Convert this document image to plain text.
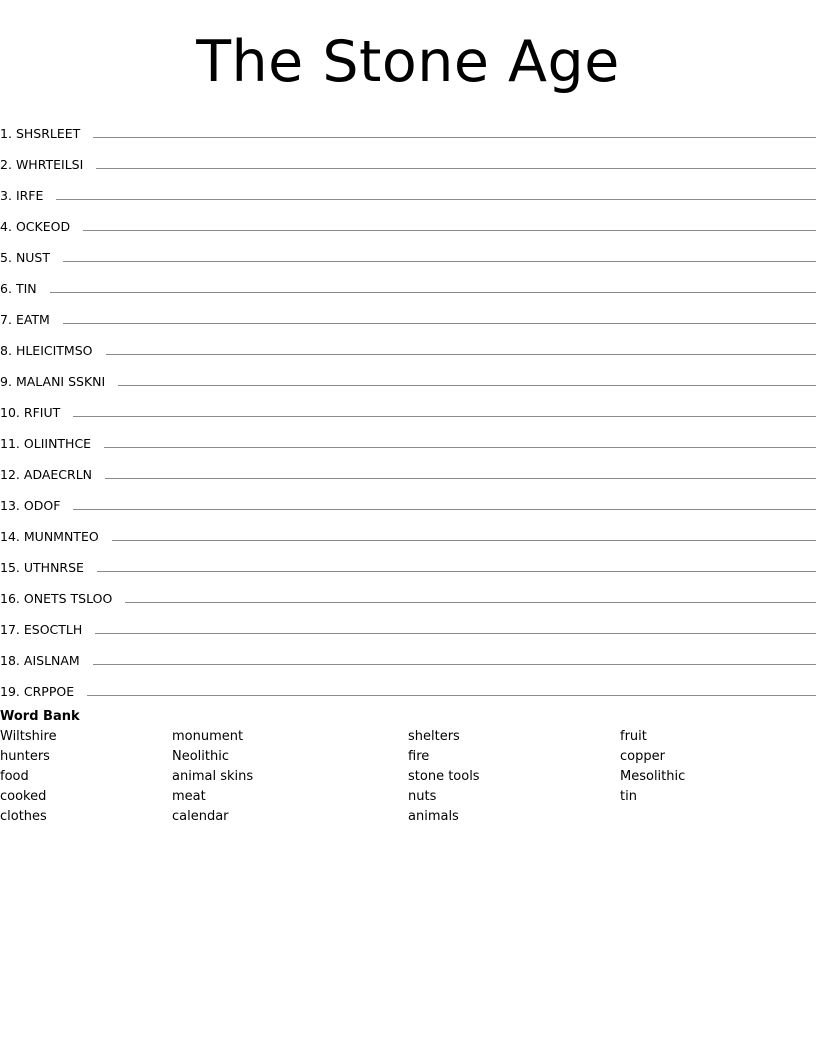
The Stone Age
1. SHSRLEET
2. WHRTEILSI
3. IRFE
4. OCKEOD
5. NUST
6. TIN
7. EATM
8. HLEICITMSO
9. MALANI SSKNI
10. RFIUT
11. OLIINTHCE
12. ADAECRLN
13. ODOF
14. MUNMNTEO
15. UTHNRSE
16. ONETS TSLOO
17. ESOCTLH
18. AISLNAM
19. CRPPOE
Word Bank
Wiltshire
hunters
food
cooked
clothes
monument
Neolithic
animal skins
meat
calendar
shelters
fire
stone tools
nuts
animals
fruit
copper
Mesolithic
tin
